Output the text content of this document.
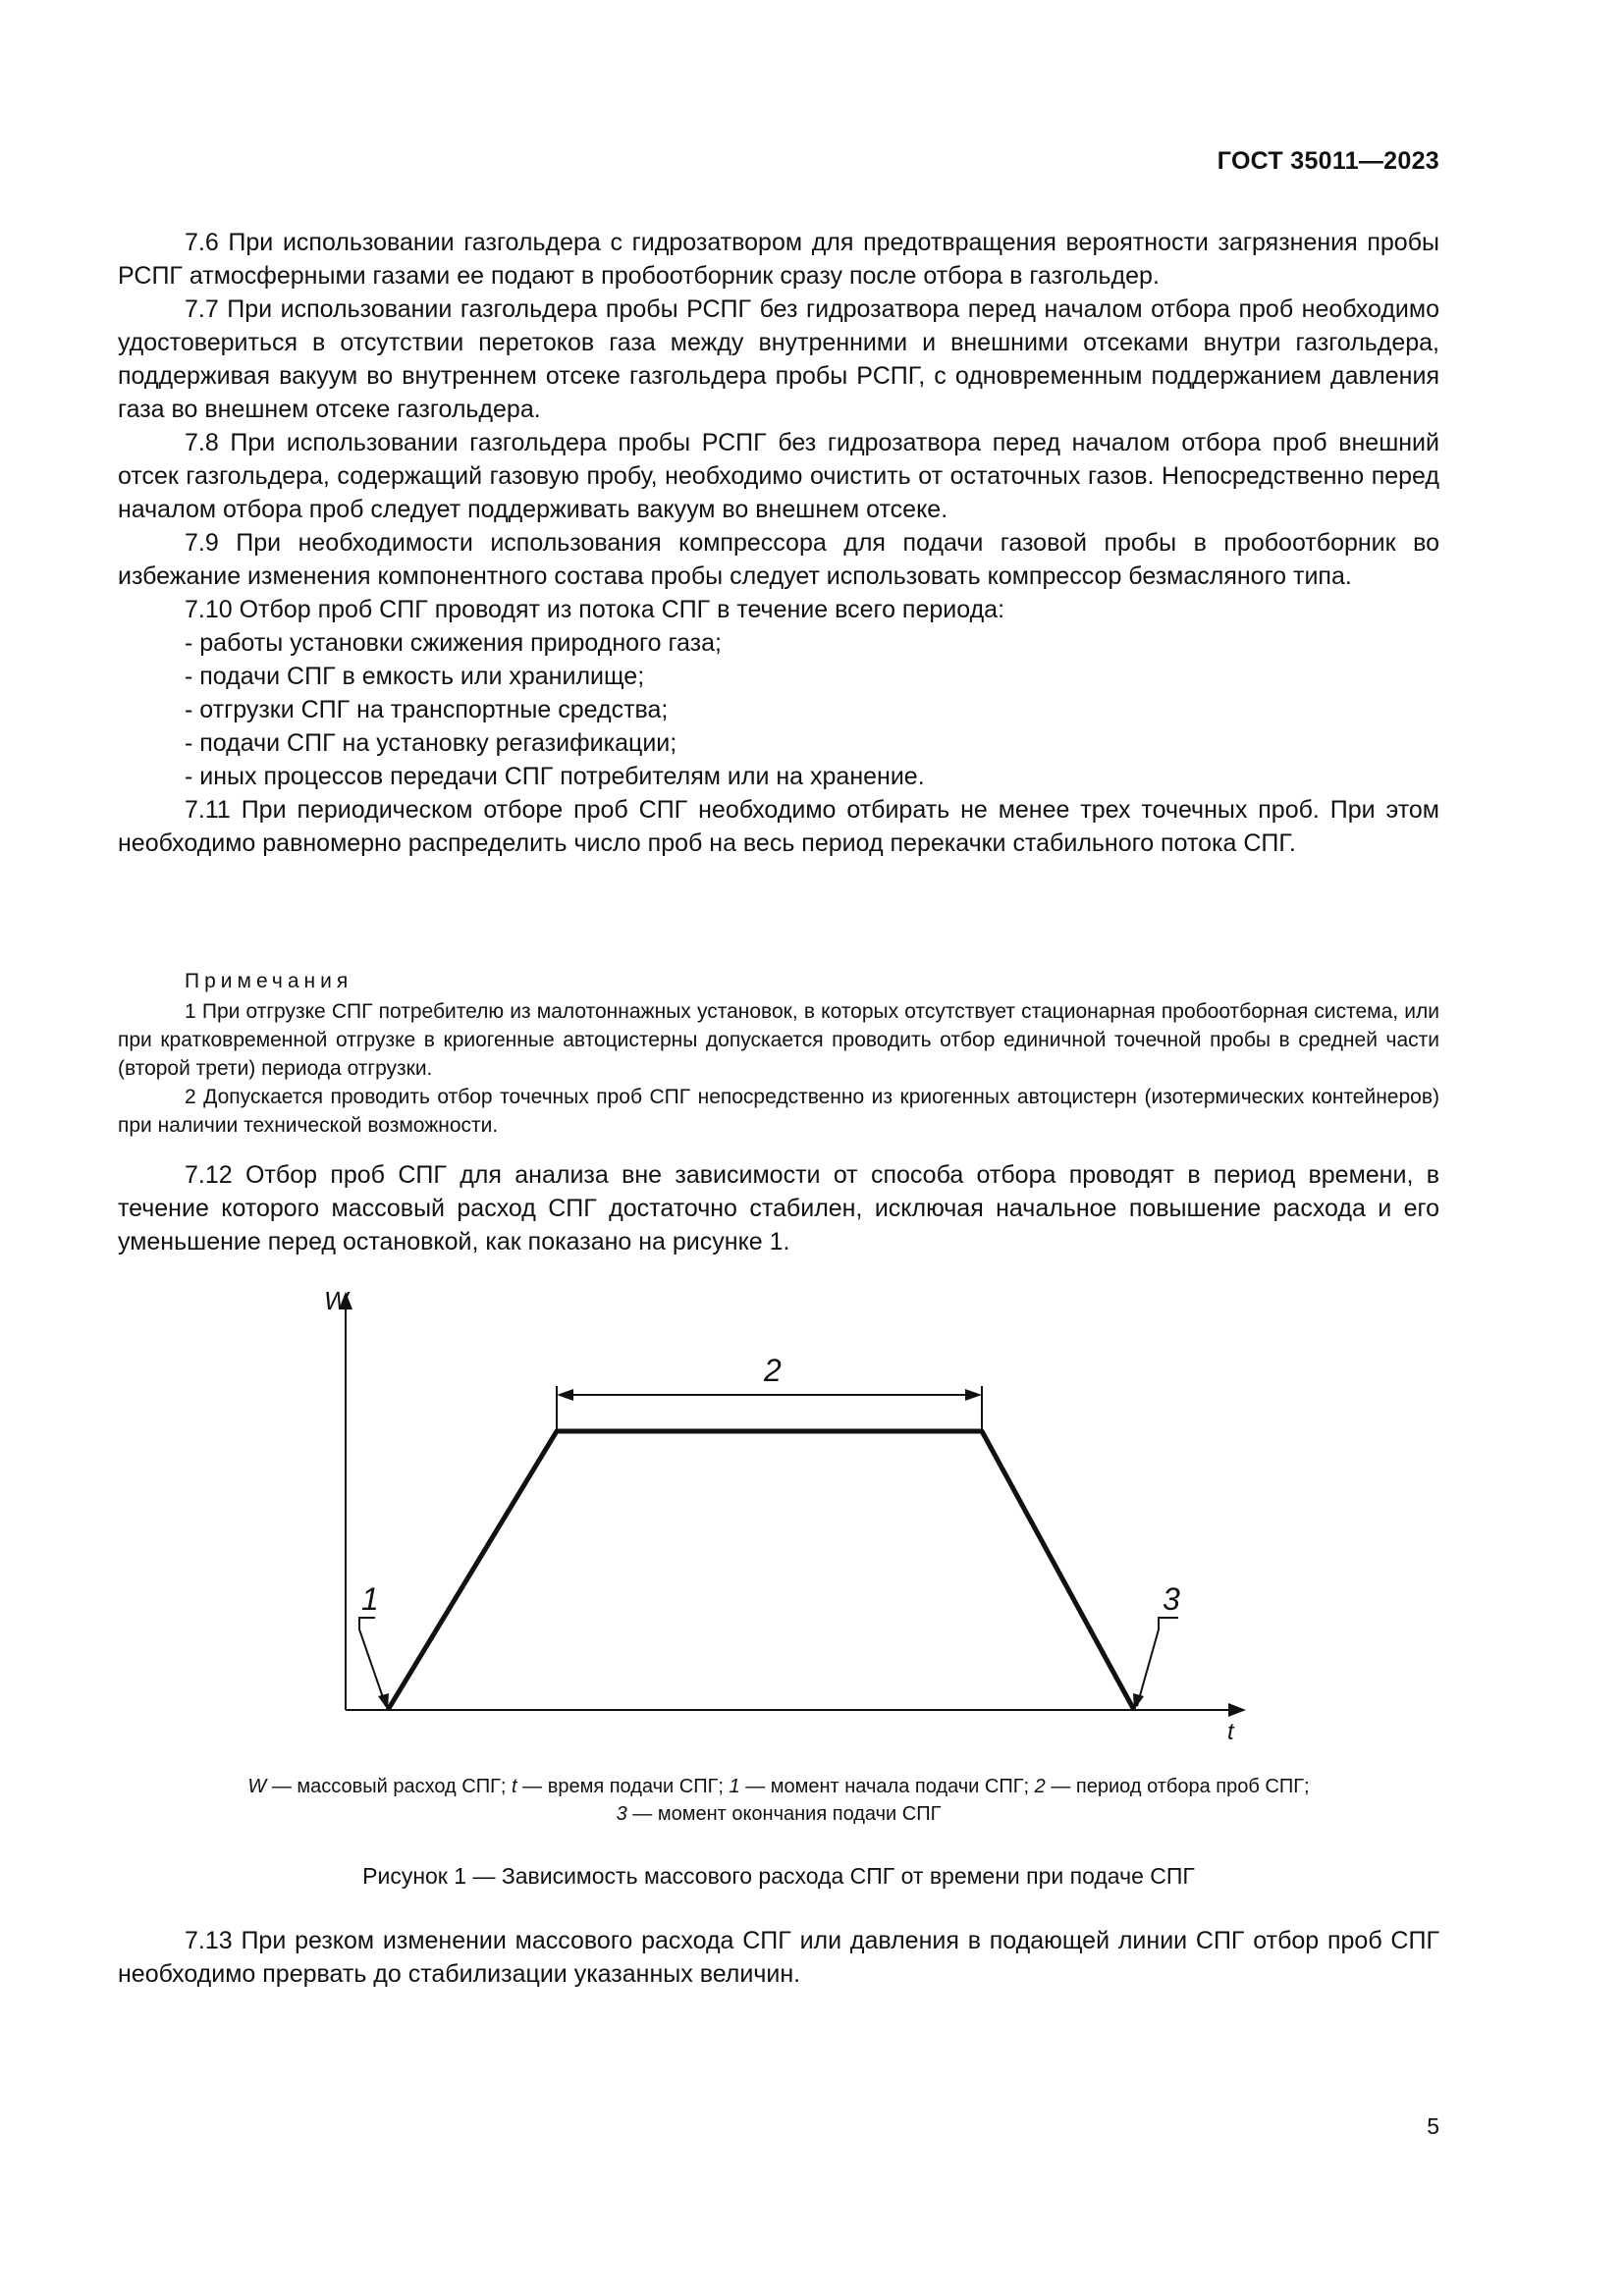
ГОСТ 35011—2023

7.6 При использовании газгольдера с гидрозатвором для предотвращения вероятности загрязнения пробы РСПГ атмосферными газами ее подают в пробоотборник сразу после отбора в газгольдер.

7.7 При использовании газгольдера пробы РСПГ без гидрозатвора перед началом отбора проб необходимо удостовериться в отсутствии перетоков газа между внутренними и внешними отсеками внутри газгольдера, поддерживая вакуум во внутреннем отсеке газгольдера пробы РСПГ, с одновременным поддержанием давления газа во внешнем отсеке газгольдера.

7.8 При использовании газгольдера пробы РСПГ без гидрозатвора перед началом отбора проб внешний отсек газгольдера, содержащий газовую пробу, необходимо очистить от остаточных газов. Непосредственно перед началом отбора проб следует поддерживать вакуум во внешнем отсеке.

7.9 При необходимости использования компрессора для подачи газовой пробы в пробоотборник во избежание изменения компонентного состава пробы следует использовать компрессор безмасляного типа.

7.10 Отбор проб СПГ проводят из потока СПГ в течение всего периода:

- работы установки сжижения природного газа;

- подачи СПГ в емкость или хранилище;

- отгрузки СПГ на транспортные средства;

- подачи СПГ на установку регазификации;

- иных процессов передачи СПГ потребителям или на хранение.

7.11 При периодическом отборе проб СПГ необходимо отбирать не менее трех точечных проб. При этом необходимо равномерно распределить число проб на весь период перекачки стабильного потока СПГ.

Примечания

1 При отгрузке СПГ потребителю из малотоннажных установок, в которых отсутствует стационарная пробоотборная система, или при кратковременной отгрузке в криогенные автоцистерны допускается проводить отбор единичной точечной пробы в средней части (второй трети) периода отгрузки.

2 Допускается проводить отбор точечных проб СПГ непосредственно из криогенных автоцистерн (изотермических контейнеров) при наличии технической возможности.

7.12 Отбор проб СПГ для анализа вне зависимости от способа отбора проводят в период времени, в течение которого массовый расход СПГ достаточно стабилен, исключая начальное повышение расхода и его уменьшение перед остановкой, как показано на рисунке 1.

W
t
2
1	3
W — массовый расход СПГ; t — время подачи СПГ; 1 — момент начала подачи СПГ; 2 — период отбора проб СПГ;
3 — момент окончания подачи СПГ
Рисунок 1 — Зависимость массового расхода СПГ от времени при подаче СПГ

7.13 При резком изменении массового расхода СПГ или давления в подающей линии СПГ отбор проб СПГ необходимо прервать до стабилизации указанных величин.

5
